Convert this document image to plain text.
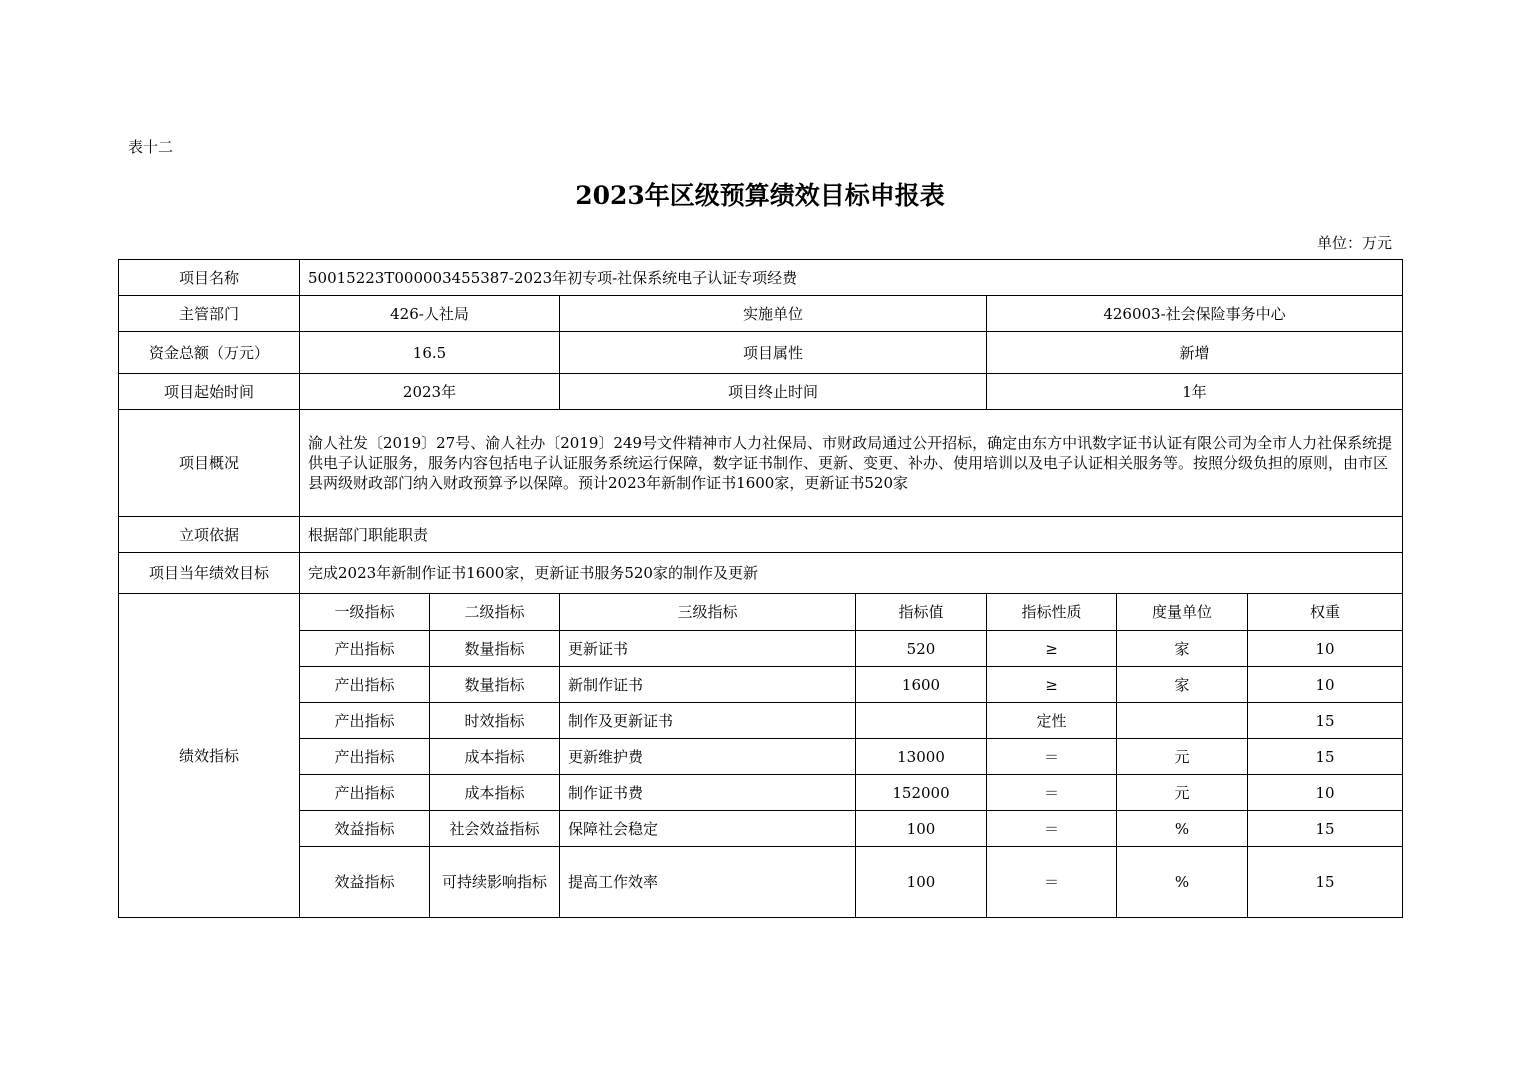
表十二
2023年区级预算绩效目标申报表
单位：万元
项目名称	50015223T000003455387-2023年初专项-社保系统电子认证专项经费						
主管部门	426-人社局		实施单位		426003-社会保险事务中心		
资金总额（万元）	16.5		项目属性		新增		
项目起始时间	2023年		项目终止时间		1年		
项目概况	渝人社发〔2019〕27号、渝人社办〔2019〕249号文件精神市人力社保局、市财政局通过公开招标，确定由东方中讯数字证书认证有限公司为全市人力社保系统提供电子认证服务，服务内容包括电子认证服务系统运行保障，数字证书制作、更新、变更、补办、使用培训以及电子认证相关服务等。按照分级负担的原则，由市区县两级财政部门纳入财政预算予以保障。预计2023年新制作证书1600家，更新证书520家						
立项依据	根据部门职能职责						
项目当年绩效目标	完成2023年新制作证书1600家，更新证书服务520家的制作及更新						
绩效指标	一级指标	二级指标	三级指标	指标值	指标性质	度量单位	权重
	产出指标	数量指标	更新证书	520	≥	家	10
	产出指标	数量指标	新制作证书	1600	≥	家	10
	产出指标	时效指标	制作及更新证书		定性		15
	产出指标	成本指标	更新维护费	13000	＝	元	15
	产出指标	成本指标	制作证书费	152000	＝	元	10
	效益指标	社会效益指标	保障社会稳定	100	＝	%	15
	效益指标	可持续影响指标	提高工作效率	100	＝	%	15
